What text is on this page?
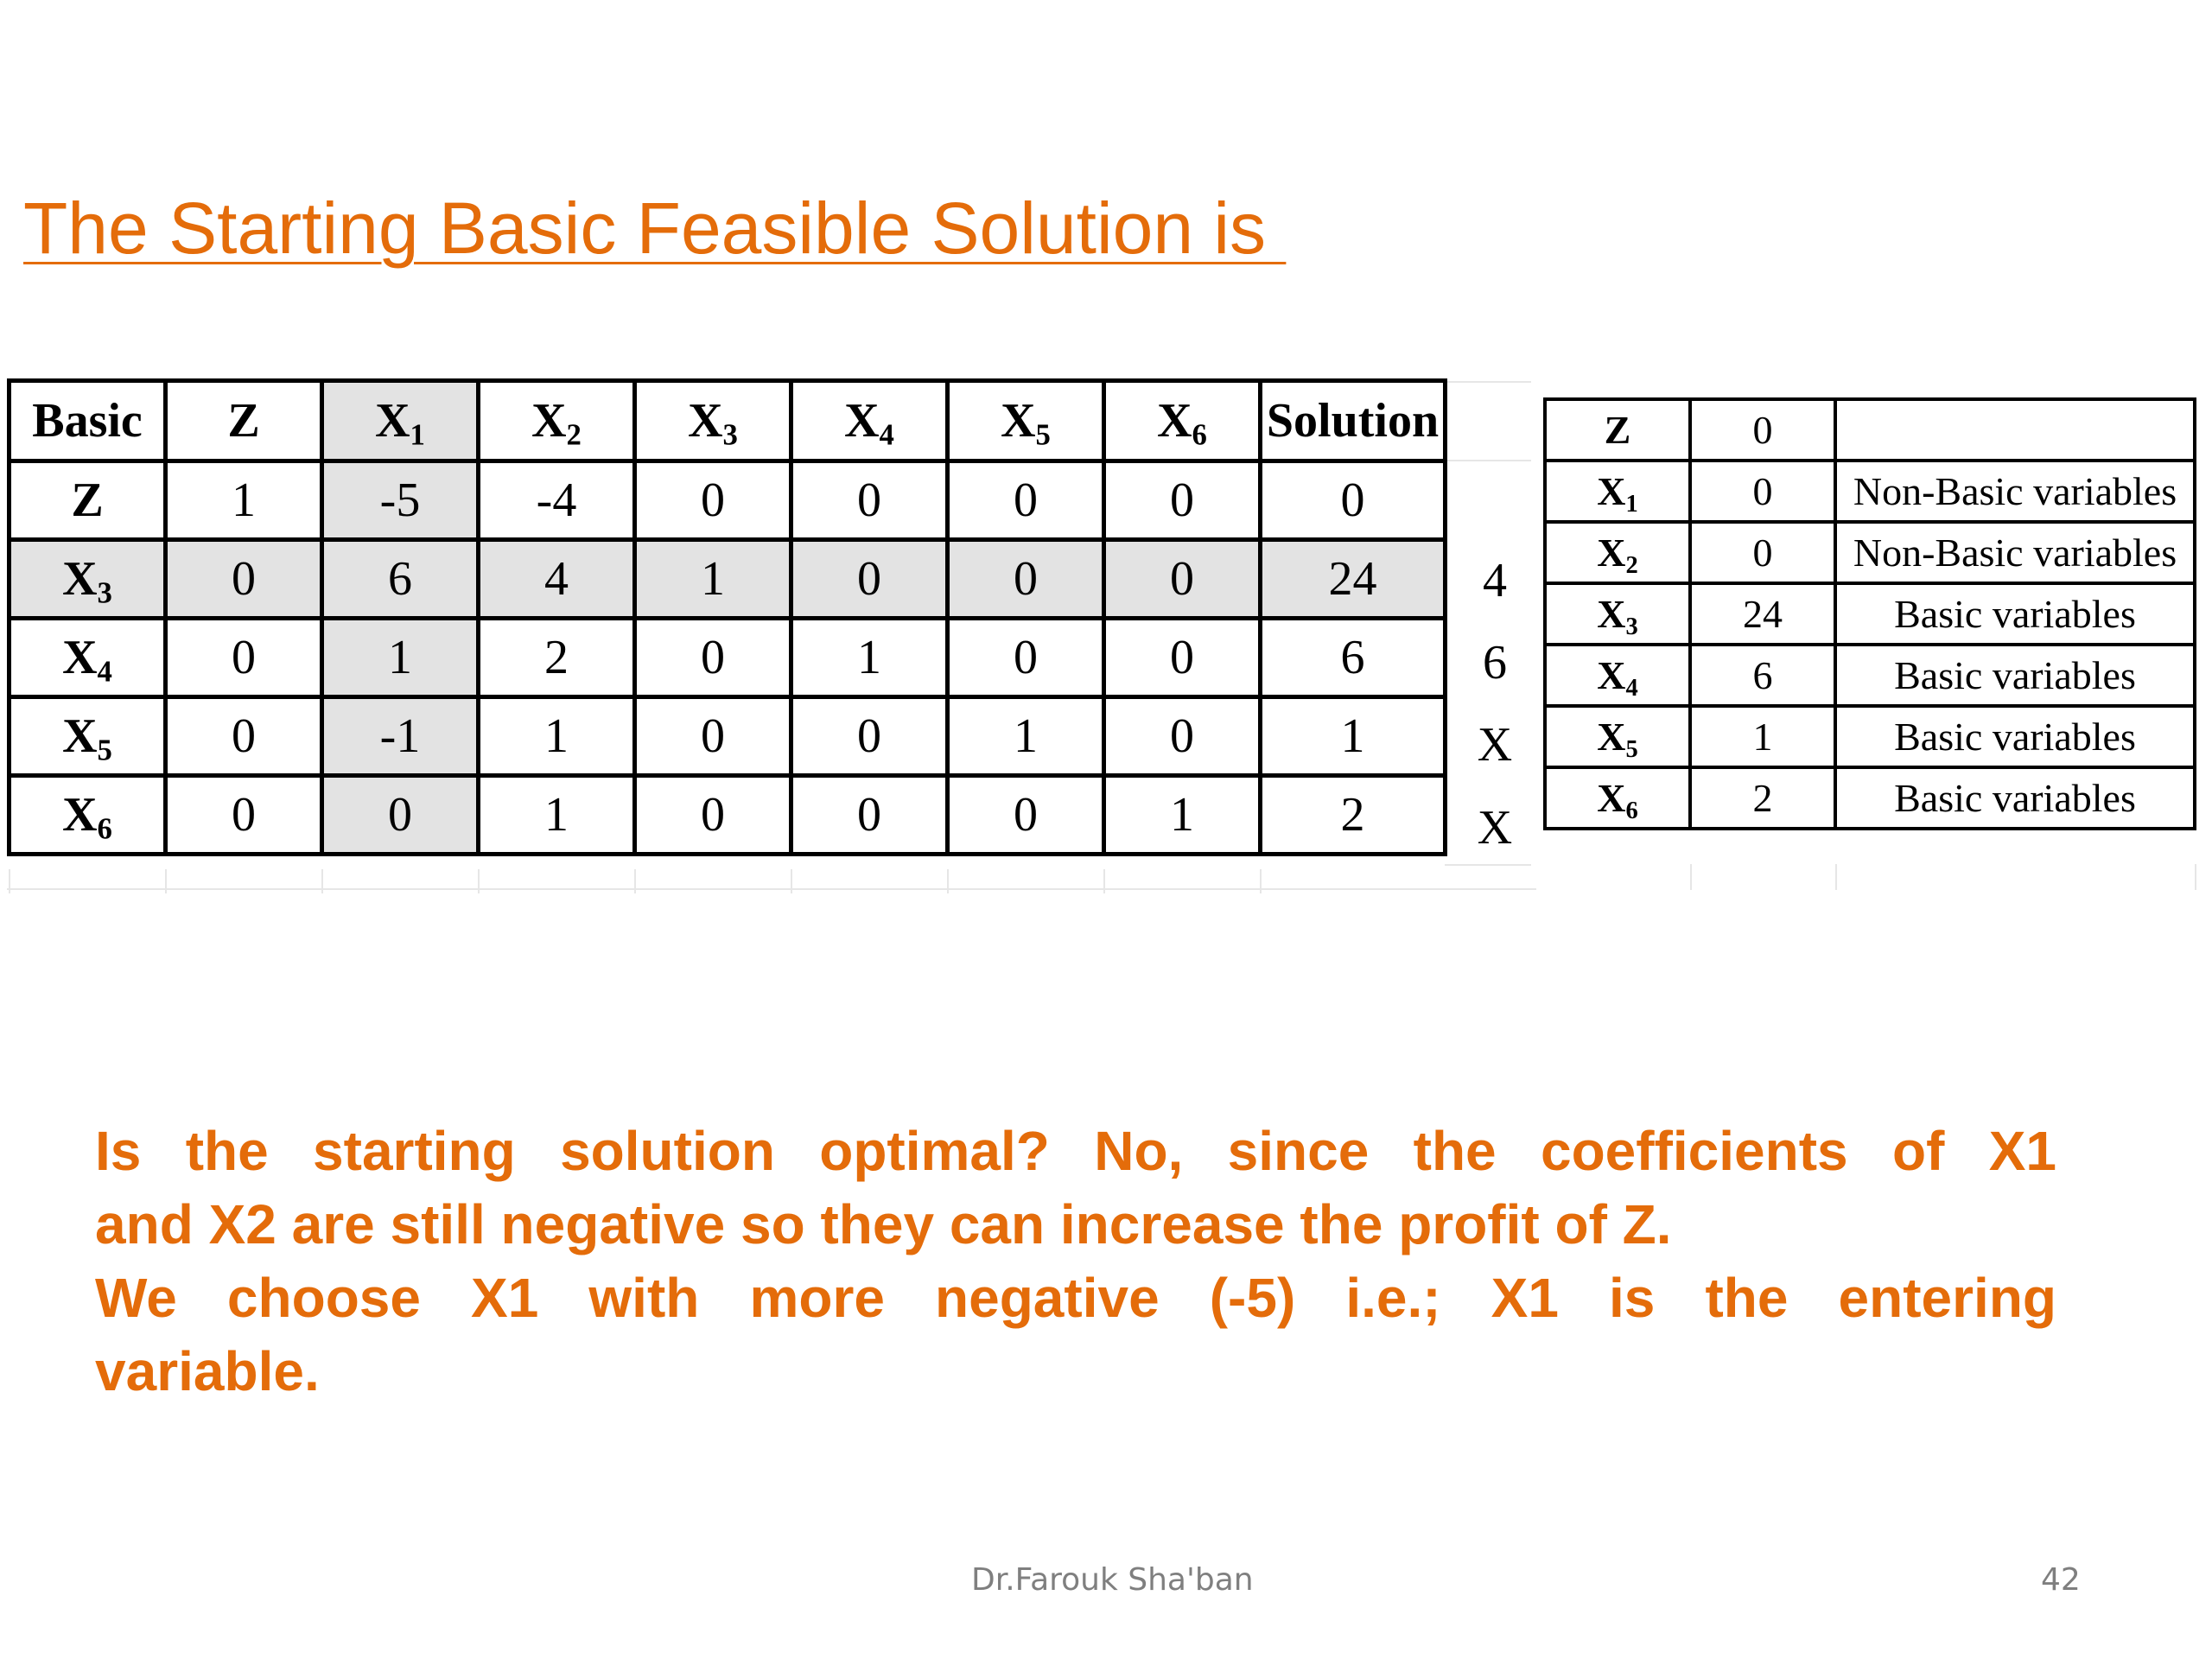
The Starting Basic Feasible Solution is
Basic	Z	$X_1$	$X_2$	$X_3$	$X_4$	$X_5$	$X_6$	Solution
Z	1	-5	-4	0	0	0	0	0
$X_3$	0	6	4	1	0	0	0	24
$X_4$	0	1	2	0	1	0	0	6
$X_5$	0	-1	1	0	0	1	0	1
$X_6$	0	0	1	0	0	0	1	2
4
6
X
X
Z	0	
$X_1$	0	Non-Basic variables
$X_2$	0	Non-Basic variables
$X_3$	24	Basic variables
$X_4$	6	Basic variables
$X_5$	1	Basic variables
$X_6$	2	Basic variables
Is the starting solution optimal? No, since the coefficients of X1
and X2 are still negative so they can increase the profit of Z.
We choose X1 with more negative (-5) i.e.; X1 is the entering
variable.
Dr.Farouk Sha'ban	42
